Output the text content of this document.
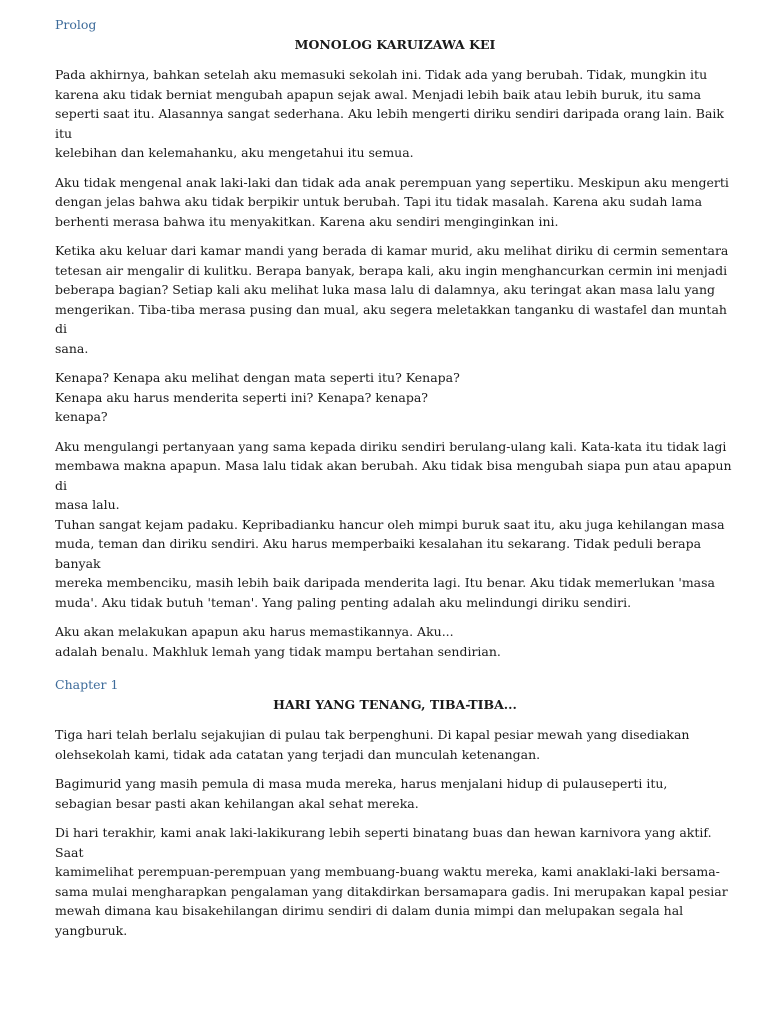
Prolog

MONOLOG KARUIZAWA KEI

Pada akhirnya, bahkan setelah aku memasuki sekolah ini. Tidak ada yang berubah. Tidak, mungkin itu
karena aku tidak berniat mengubah apapun sejak awal. Menjadi lebih baik atau lebih buruk, itu sama
seperti saat itu. Alasannya sangat sederhana. Aku lebih mengerti diriku sendiri daripada orang lain. Baik itu
kelebihan dan kelemahanku, aku mengetahui itu semua.

Aku tidak mengenal anak laki-laki dan tidak ada anak perempuan yang sepertiku. Meskipun aku mengerti
dengan jelas bahwa aku tidak berpikir untuk berubah. Tapi itu tidak masalah. Karena aku sudah lama
berhenti merasa bahwa itu menyakitkan. Karena aku sendiri menginginkan ini.

Ketika aku keluar dari kamar mandi yang berada di kamar murid, aku melihat diriku di cermin sementara
tetesan air mengalir di kulitku. Berapa banyak, berapa kali, aku ingin menghancurkan cermin ini menjadi
beberapa bagian? Setiap kali aku melihat luka masa lalu di dalamnya, aku teringat akan masa lalu yang
mengerikan. Tiba-tiba merasa pusing dan mual, aku segera meletakkan tanganku di wastafel dan muntah di
sana.

Kenapa? Kenapa aku melihat dengan mata seperti itu? Kenapa?
Kenapa aku harus menderita seperti ini? Kenapa? kenapa?
kenapa?

Aku mengulangi pertanyaan yang sama kepada diriku sendiri berulang-ulang kali. Kata-kata itu tidak lagi
membawa makna apapun. Masa lalu tidak akan berubah. Aku tidak bisa mengubah siapa pun atau apapun di
masa lalu.
Tuhan sangat kejam padaku. Kepribadianku hancur oleh mimpi buruk saat itu, aku juga kehilangan masa
muda, teman dan diriku sendiri. Aku harus memperbaiki kesalahan itu sekarang. Tidak peduli berapa banyak
mereka membenciku, masih lebih baik daripada menderita lagi. Itu benar. Aku tidak memerlukan 'masa
muda'. Aku tidak butuh 'teman'. Yang paling penting adalah aku melindungi diriku sendiri.

Aku akan melakukan apapun aku harus memastikannya. Aku...
adalah benalu. Makhluk lemah yang tidak mampu bertahan sendirian.

Chapter 1

HARI YANG TENANG, TIBA-TIBA...

Tiga hari telah berlalu sejakujian di pulau tak berpenghuni. Di kapal pesiar mewah yang disediakan
olehsekolah kami, tidak ada catatan yang terjadi dan munculah ketenangan.

Bagimurid yang masih pemula di masa muda mereka, harus menjalani hidup di pulauseperti itu,
sebagian besar pasti akan kehilangan akal sehat mereka.

Di hari terakhir, kami anak laki-lakikurang lebih seperti binatang buas dan hewan karnivora yang aktif. Saat
kamimelihat perempuan-perempuan yang membuang-buang waktu mereka, kami anaklaki-laki bersama-
sama mulai mengharapkan pengalaman yang ditakdirkan bersamapara gadis. Ini merupakan kapal pesiar
mewah dimana kau bisakehilangan dirimu sendiri di dalam dunia mimpi dan melupakan segala hal
yangburuk.
